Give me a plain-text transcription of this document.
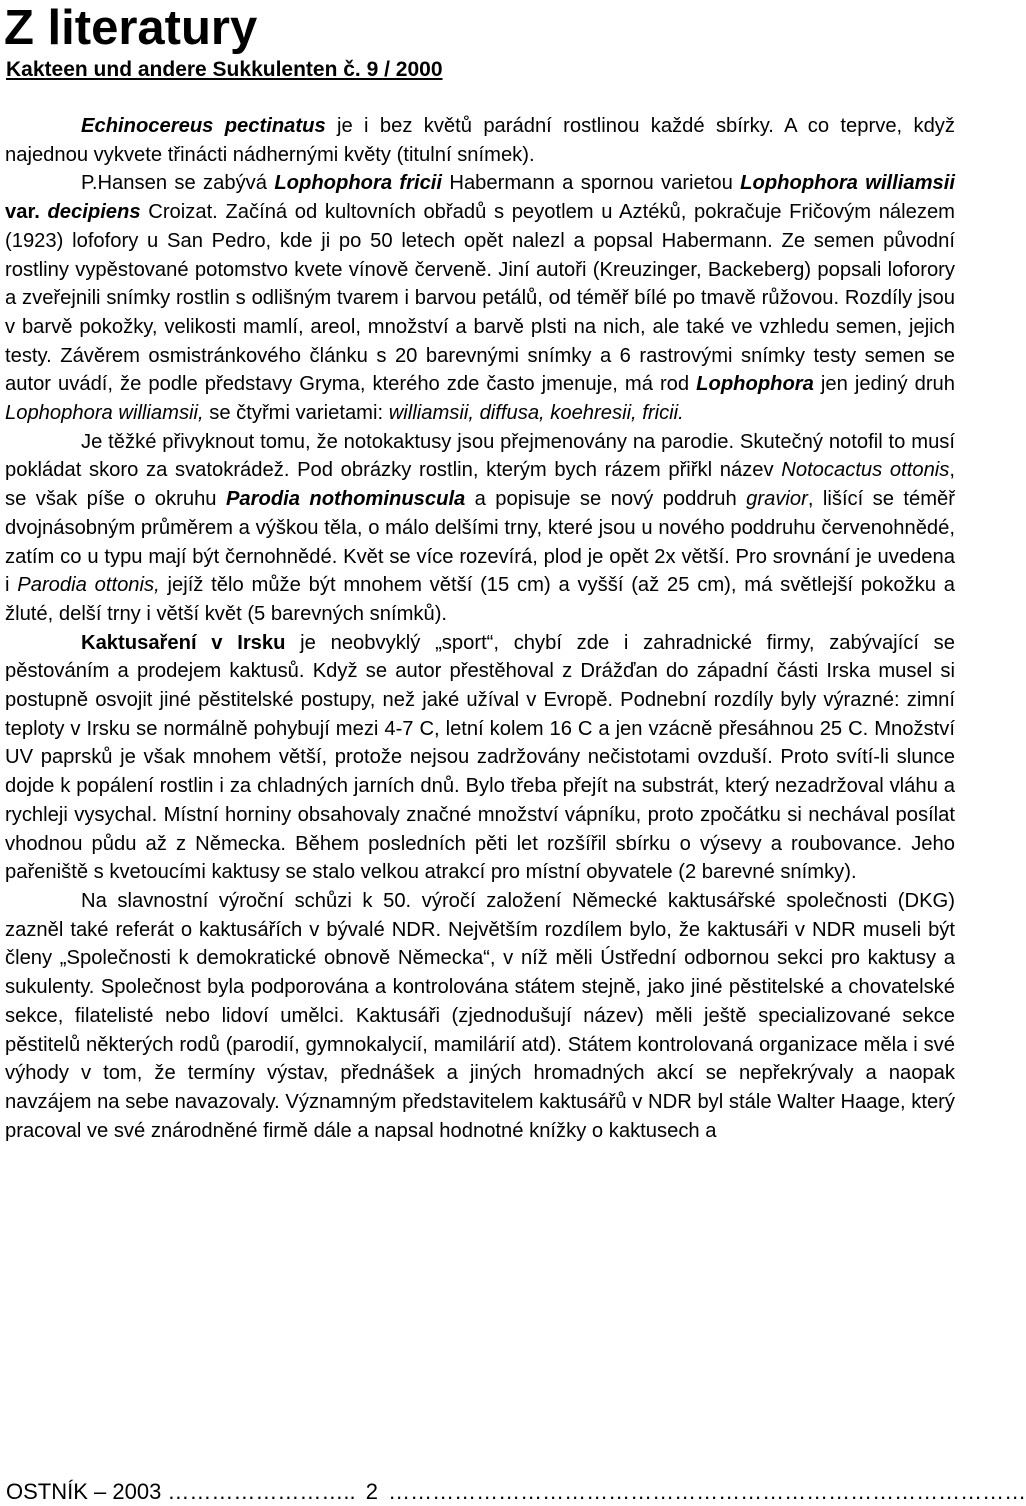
Z literatury
Kakteen und andere Sukkulenten č. 9 / 2000

Echinocereus pectinatus je i bez květů parádní rostlinou každé sbírky. A co teprve, když najednou vykvete třinácti nádhernými květy (titulní snímek).

P.Hansen se zabývá Lophophora fricii Habermann a spornou varietou Lophophora williamsii var. decipiens Croizat. Začíná od kultovních obřadů s peyotlem u Aztéků, pokračuje Fričovým nálezem (1923) lofofory u San Pedro, kde ji po 50 letech opět nalezl a popsal Habermann. Ze semen původní rostliny vypěstované potomstvo kvete vínově červeně. Jiní autoři (Kreuzinger, Backeberg) popsali loforory a zveřejnili snímky rostlin s odlišným tvarem i barvou petálů, od téměř bílé po tmavě růžovou. Rozdíly jsou v barvě pokožky, velikosti mamlí, areol, množství a barvě plsti na nich, ale také ve vzhledu semen, jejich testy. Závěrem osmistránkového článku s 20 barevnými snímky a 6 rastrovými snímky testy semen se autor uvádí, že podle představy Gryma, kterého zde často jmenuje, má rod Lophophora jen jediný druh Lophophora williamsii, se čtyřmi varietami: williamsii, diffusa, koehresii, fricii.

Je těžké přivyknout tomu, že notokaktusy jsou přejmenovány na parodie. Skutečný notofil to musí pokládat skoro za svatokrádež. Pod obrázky rostlin, kterým bych rázem přiřkl název Notocactus ottonis, se však píše o okruhu Parodia nothominuscula a popisuje se nový poddruh gravior, lišící se téměř dvojnásobným průměrem a výškou těla, o málo delšími trny, které jsou u nového poddruhu červenohnědé, zatím co u typu mají být černohnědé. Květ se více rozevírá, plod je opět 2x větší. Pro srovnání je uvedena i Parodia ottonis, jejíž tělo může být mnohem větší (15 cm) a vyšší (až 25 cm), má světlejší pokožku a žluté, delší trny i větší květ (5 barevných snímků).

Kaktusaření v Irsku je neobvyklý „sport“, chybí zde i zahradnické firmy, zabývající se pěstováním a prodejem kaktusů. Když se autor přestěhoval z Drážďan do západní části Irska musel si postupně osvojit jiné pěstitelské postupy, než jaké užíval v Evropě. Podnební rozdíly byly výrazné: zimní teploty v Irsku se normálně pohybují mezi 4-7 C, letní kolem 16 C a jen vzácně přesáhnou 25 C. Množství UV paprsků je však mnohem větší, protože nejsou zadržovány nečistotami ovzduší. Proto svítí-li slunce dojde k popálení rostlin i za chladných jarních dnů. Bylo třeba přejít na substrát, který nezadržoval vláhu a rychleji vysychal. Místní horniny obsahovaly značné množství vápníku, proto zpočátku si nechával posílat vhodnou půdu až z Německa. Během posledních pěti let rozšířil sbírku o výsevy a roubovance. Jeho pařeniště s kvetoucími kaktusy se stalo velkou atrakcí pro místní obyvatele (2 barevné snímky).

Na slavnostní výroční schůzi k 50. výročí založení Německé kaktusářské společnosti (DKG) zazněl také referát o kaktusářích v bývalé NDR. Největším rozdílem bylo, že kaktusáři v NDR museli být členy „Společnosti k demokratické obnově Německa“, v níž měli Ústřední odbornou sekci pro kaktusy a sukulenty. Společnost byla podporována a kontrolována státem stejně, jako jiné pěstitelské a chovatelské sekce, filatelisté nebo lidoví umělci. Kaktusáři (zjednodušují název) měli ještě specializované sekce pěstitelů některých rodů (parodií, gymnokalycií, mamilárií atd). Státem kontrolovaná organizace měla i své výhody v tom, že termíny výstav, přednášek a jiných hromadných akcí se nepřekrývaly a naopak navzájem na sebe navazovaly. Významným představitelem kaktusářů v NDR byl stále Walter Haage, který pracoval ve své znárodněné firmě dále a napsal hodnotné knížky o kaktusech a

OSTNÍK – 2003 …………………….. 2 ……………………………………………………………………………
